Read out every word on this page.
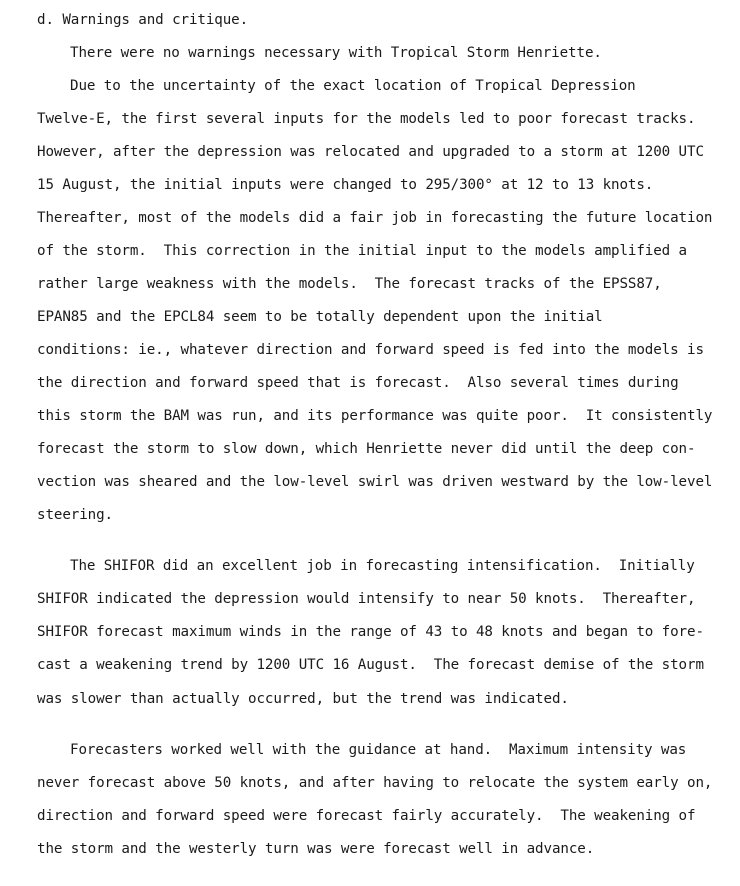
d. Warnings and critique.
There were no warnings necessary with Tropical Storm Henriette.
Due to the uncertainty of the exact location of Tropical Depression
Twelve-E, the first several inputs for the models led to poor forecast tracks.
However, after the depression was relocated and upgraded to a storm at 1200 UTC
15 August, the initial inputs were changed to 295/300° at 12 to 13 knots.
Thereafter, most of the models did a fair job in forecasting the future location
of the storm.  This correction in the initial input to the models amplified a
rather large weakness with the models.  The forecast tracks of the EPSS87,
EPAN85 and the EPCL84 seem to be totally dependent upon the initial
conditions: ie., whatever direction and forward speed is fed into the models is
the direction and forward speed that is forecast.  Also several times during
this storm the BAM was run, and its performance was quite poor.  It consistently
forecast the storm to slow down, which Henriette never did until the deep con-
vection was sheared and the low-level swirl was driven westward by the low-level
steering.
The SHIFOR did an excellent job in forecasting intensification.  Initially
SHIFOR indicated the depression would intensify to near 50 knots.  Thereafter,
SHIFOR forecast maximum winds in the range of 43 to 48 knots and began to fore-
cast a weakening trend by 1200 UTC 16 August.  The forecast demise of the storm
was slower than actually occurred, but the trend was indicated.
Forecasters worked well with the guidance at hand.  Maximum intensity was
never forecast above 50 knots, and after having to relocate the system early on,
direction and forward speed were forecast fairly accurately.  The weakening of
the storm and the westerly turn was were forecast well in advance.
